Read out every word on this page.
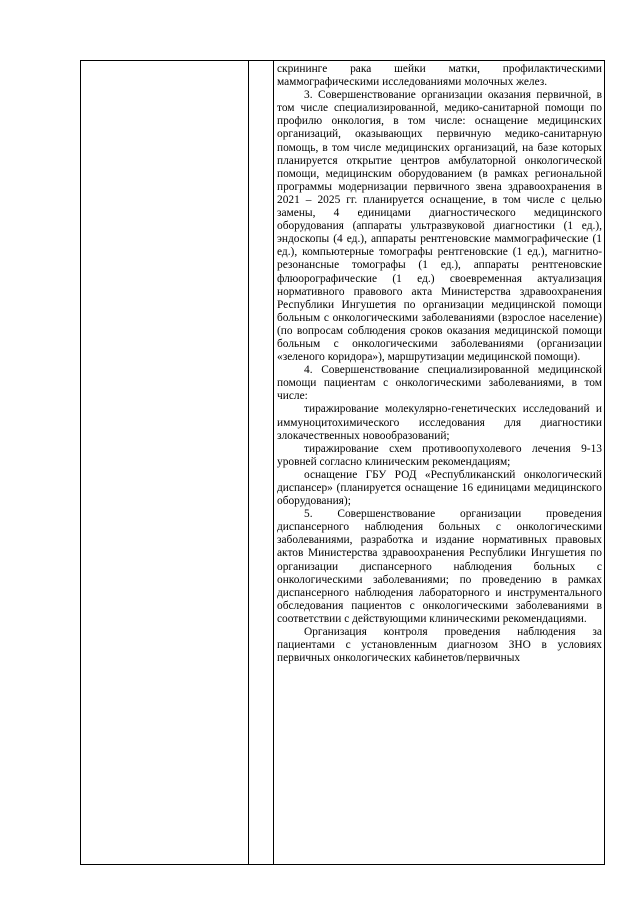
скрининге рака шейки матки, профилактическими маммографическими исследованиями молочных желез.

3. Совершенствование организации оказания первичной, в том числе специализированной, медико-санитарной помощи по профилю онкология, в том числе: оснащение медицинских организаций, оказывающих первичную медико-санитарную помощь, в том числе медицинских организаций, на базе которых планируется открытие центров амбулаторной онкологической помощи, медицинским оборудованием (в рамках региональной программы модернизации первичного звена здравоохранения в 2021 – 2025 гг. планируется оснащение, в том числе с целью замены, 4 единицами диагностического медицинского оборудования (аппараты ультразвуковой диагностики (1 ед.), эндоскопы (4 ед.), аппараты рентгеновские маммографические (1 ед.), компьютерные томографы рентгеновские (1 ед.), магнитно-резонансные томографы (1 ед.), аппараты рентгеновские флюорографические (1 ед.) своевременная актуализация нормативного правового акта Министерства здравоохранения Республики Ингушетия по организации медицинской помощи больным с онкологическими заболеваниями (взрослое население) (по вопросам соблюдения сроков оказания медицинской помощи больным с онкологическими заболеваниями (организации «зеленого коридора»), маршрутизации медицинской помощи).

4. Совершенствование специализированной медицинской помощи пациентам с онкологическими заболеваниями, в том числе:

тиражирование молекулярно-генетических исследований и иммуноцитохимического исследования для диагностики злокачественных новообразований;

тиражирование схем противоопухолевого лечения 9-13 уровней согласно клиническим рекомендациям;

оснащение ГБУ РОД «Республиканский онкологический диспансер» (планируется оснащение 16 единицами медицинского оборудования);

5. Совершенствование организации проведения диспансерного наблюдения больных с онкологическими заболеваниями, разработка и издание нормативных правовых актов Министерства здравоохранения Республики Ингушетия по организации диспансерного наблюдения больных с онкологическими заболеваниями; по проведению в рамках диспансерного наблюдения лабораторного и инструментального обследования пациентов с онкологическими заболеваниями в соответствии с действующими клиническими рекомендациями.

Организация контроля проведения наблюдения за пациентами с установленным диагнозом ЗНО в условиях первичных онкологических кабинетов/первичных
